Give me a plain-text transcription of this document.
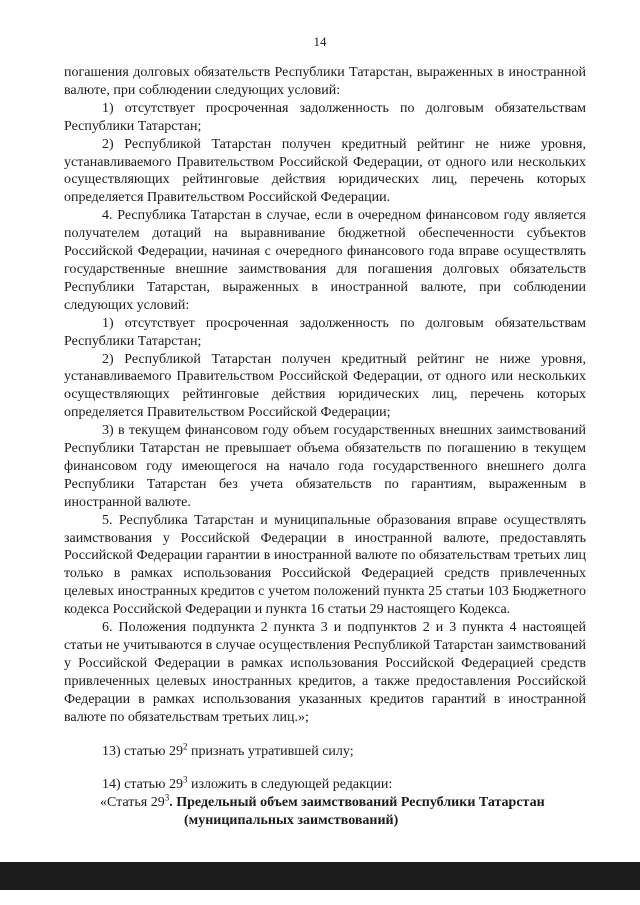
14

погашения долговых обязательств Республики Татарстан, выраженных в иностранной валюте, при соблюдении следующих условий:

1) отсутствует просроченная задолженность по долговым обязательствам Республики Татарстан;

2) Республикой Татарстан получен кредитный рейтинг не ниже уровня, устанавливаемого Правительством Российской Федерации, от одного или нескольких осуществляющих рейтинговые действия юридических лиц, перечень которых определяется Правительством Российской Федерации.

4. Республика Татарстан в случае, если в очередном финансовом году является получателем дотаций на выравнивание бюджетной обеспеченности субъектов Российской Федерации, начиная с очередного финансового года вправе осуществлять государственные внешние заимствования для погашения долговых обязательств Республики Татарстан, выраженных в иностранной валюте, при соблюдении следующих условий:

1) отсутствует просроченная задолженность по долговым обязательствам Республики Татарстан;

2) Республикой Татарстан получен кредитный рейтинг не ниже уровня, устанавливаемого Правительством Российской Федерации, от одного или нескольких осуществляющих рейтинговые действия юридических лиц, перечень которых определяется Правительством Российской Федерации;

3) в текущем финансовом году объем государственных внешних заимствований Республики Татарстан не превышает объема обязательств по погашению в текущем финансовом году имеющегося на начало года государственного внешнего долга Республики Татарстан без учета обязательств по гарантиям, выраженным в иностранной валюте.

5. Республика Татарстан и муниципальные образования вправе осуществлять заимствования у Российской Федерации в иностранной валюте, предоставлять Российской Федерации гарантии в иностранной валюте по обязательствам третьих лиц только в рамках использования Российской Федерацией средств привлеченных целевых иностранных кредитов с учетом положений пункта 25 статьи 103 Бюджетного кодекса Российской Федерации и пункта 16 статьи 29 настоящего Кодекса.

6. Положения подпункта 2 пункта 3 и подпунктов 2 и 3 пункта 4 настоящей статьи не учитываются в случае осуществления Республикой Татарстан заимствований у Российской Федерации в рамках использования Российской Федерацией средств привлеченных целевых иностранных кредитов, а также предоставления Российской Федерации в рамках использования указанных кредитов гарантий в иностранной валюте по обязательствам третьих лиц.»;

13) статью $29^2$ признать утратившей силу;

14) статью $29^3$ изложить в следующей редакции:

«Статья $29^3$. Предельный объем заимствований Республики Татарстан
(муниципальных заимствований)
